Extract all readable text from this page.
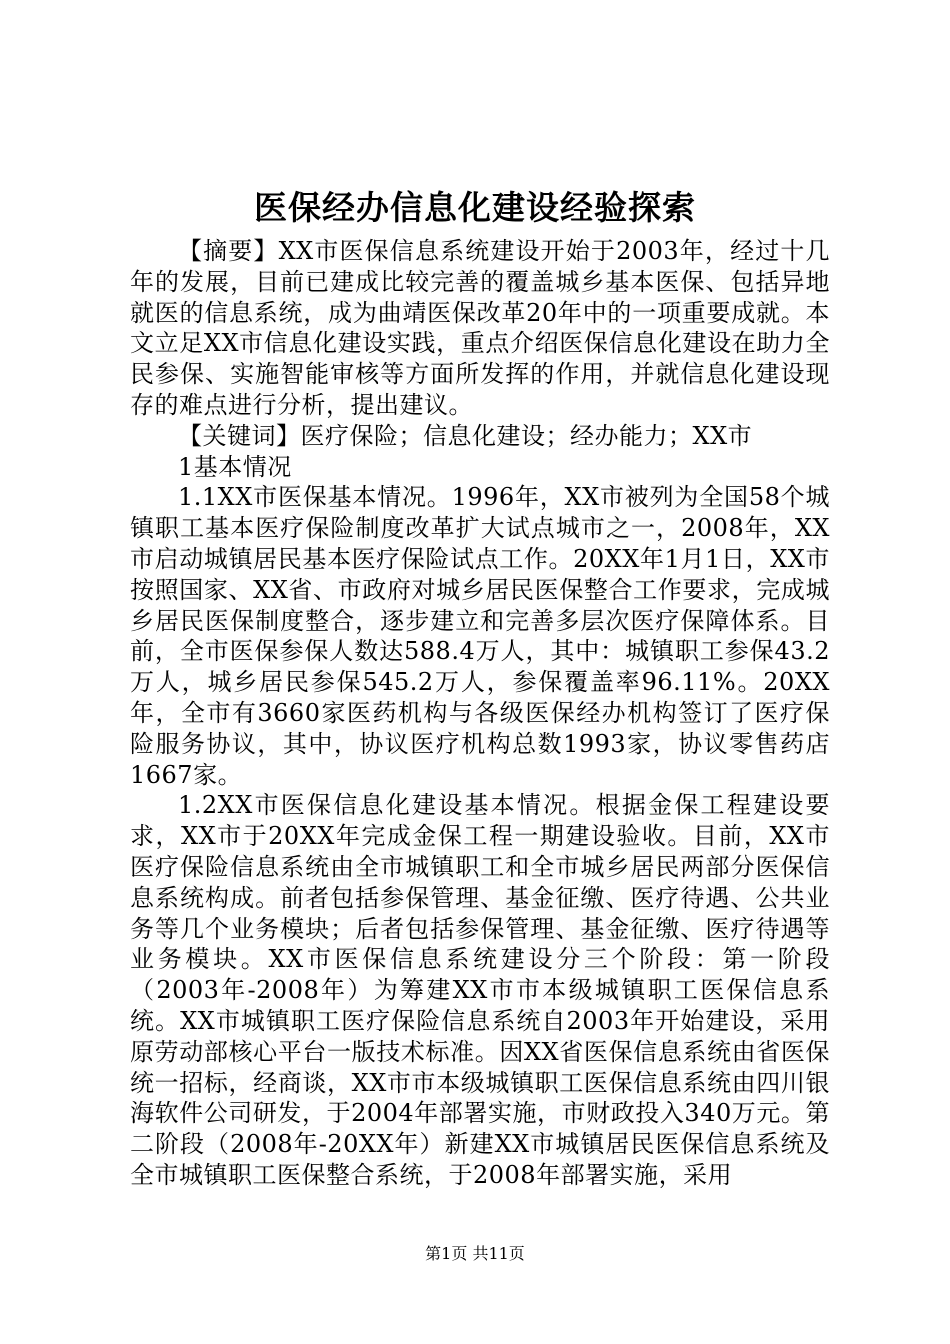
医保经办信息化建设经验探索

【摘要】XX市医保信息系统建设开始于2003年，经过十几年的发展，目前已建成比较完善的覆盖城乡基本医保、包括异地就医的信息系统，成为曲靖医保改革20年中的一项重要成就。本文立足XX市信息化建设实践，重点介绍医保信息化建设在助力全民参保、实施智能审核等方面所发挥的作用，并就信息化建设现存的难点进行分析，提出建议。

【关键词】医疗保险；信息化建设；经办能力；XX市

1基本情况

1.1XX市医保基本情况。1996年，XX市被列为全国58个城镇职工基本医疗保险制度改革扩大试点城市之一，2008年，XX市启动城镇居民基本医疗保险试点工作。20XX年1月1日，XX市按照国家、XX省、市政府对城乡居民医保整合工作要求，完成城乡居民医保制度整合，逐步建立和完善多层次医疗保障体系。目前，全市医保参保人数达588.4万人，其中：城镇职工参保43.2万人，城乡居民参保545.2万人，参保覆盖率96.11%。20XX年，全市有3660家医药机构与各级医保经办机构签订了医疗保险服务协议，其中，协议医疗机构总数1993家，协议零售药店1667家。

1.2XX市医保信息化建设基本情况。根据金保工程建设要求，XX市于20XX年完成金保工程一期建设验收。目前，XX市医疗保险信息系统由全市城镇职工和全市城乡居民两部分医保信息系统构成。前者包括参保管理、基金征缴、医疗待遇、公共业务等几个业务模块；后者包括参保管理、基金征缴、医疗待遇等业务模块。XX市医保信息系统建设分三个阶段：第一阶段（2003年-2008年）为筹建XX市市本级城镇职工医保信息系统。XX市城镇职工医疗保险信息系统自2003年开始建设，采用原劳动部核心平台一版技术标准。因XX省医保信息系统由省医保统一招标，经商谈，XX市市本级城镇职工医保信息系统由四川银海软件公司研发，于2004年部署实施，市财政投入340万元。第二阶段（2008年-20XX年）新建XX市城镇居民医保信息系统及全市城镇职工医保整合系统，于2008年部署实施，采用

第1页 共11页
